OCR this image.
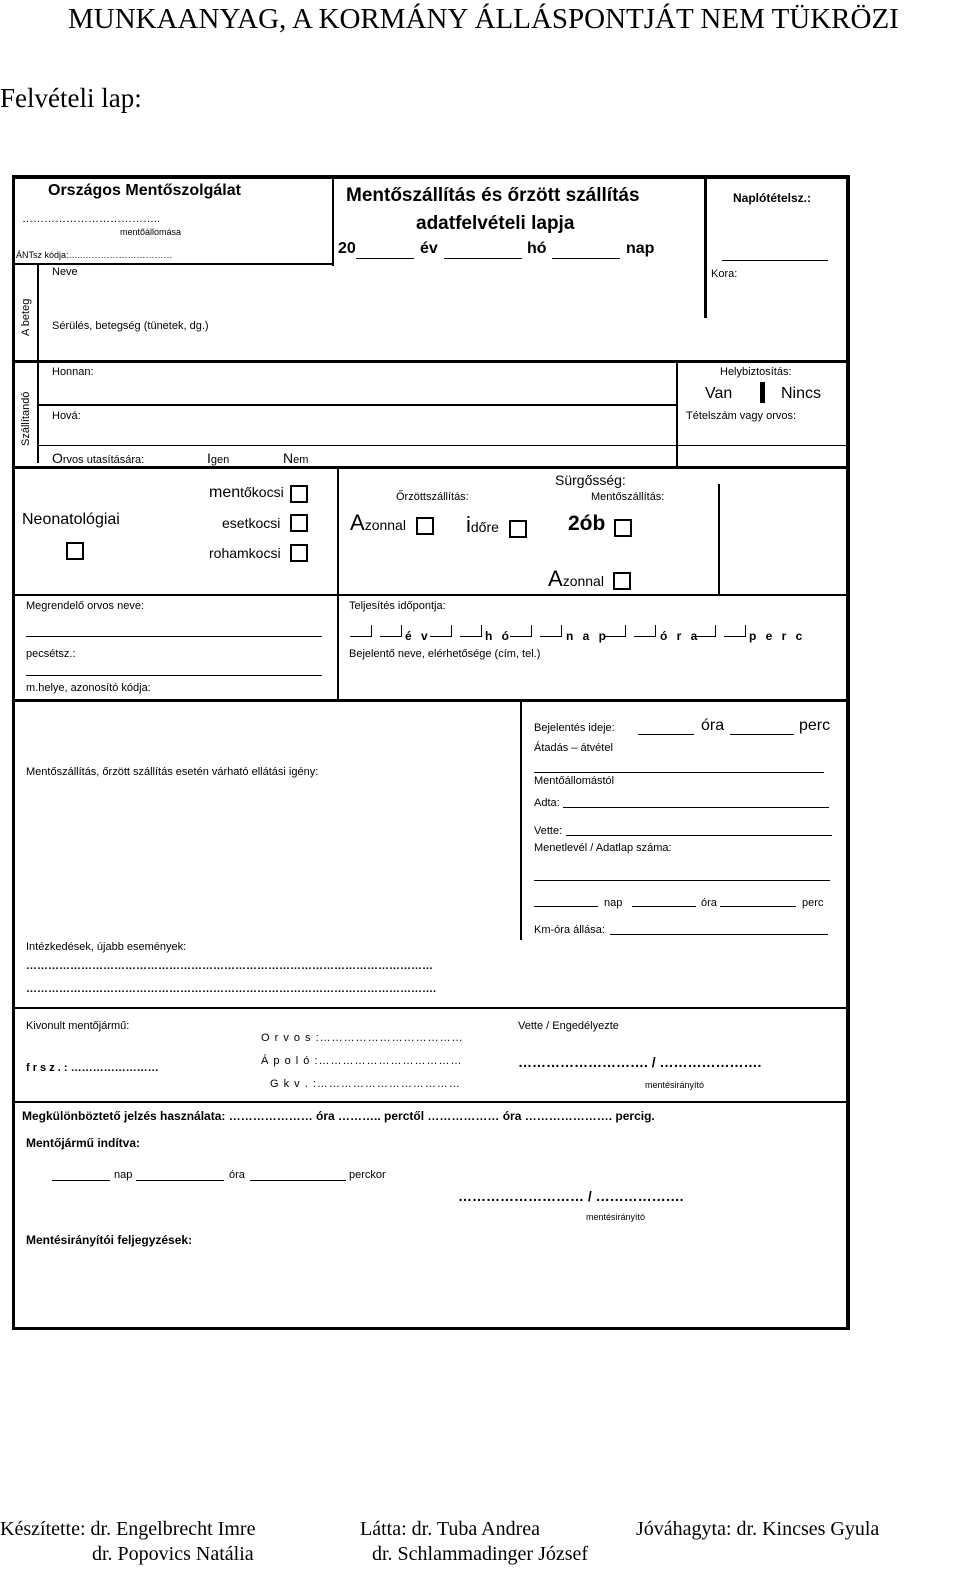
MUNKAANYAG, A KORMÁNY ÁLLÁSPONTJÁT NEM TÜKRÖZI
Felvételi lap:
Országos Mentőszolgálat
………………………………..
mentőállomása
ÁNTsz kódja:…..…………………………
Mentőszállítás és őrzött szállítás
adatfelvételi lapja
20	év	hó	nap
Naplótételsz.:
Kora:
Neve
A beteg Sérülés, betegség (tünetek, dg.)
Szállítandó
Honnan:
Hová:
Helybiztosítás:
Van	Nincs
Tételszám vagy orvos:
Orvos utasítására:	Igen	Nem
Neonatológiai
mentőkocsi
esetkocsi
rohamkocsi
Sürgősség:
Őrzöttszállítás:	Mentőszállítás:
Azonnal	időre	2ób
Azonnal
Megrendelő orvos neve:
pecsétsz.:
m.helye, azonosító kódja:
Teljesítés időpontja:
é v	h ó	n a p	ó r a	p e r c
Bejelentő neve, elérhetősége (cím, tel.)
Bejelentés ideje:	óra	perc
Átadás – átvétel
Mentőszállítás, őrzött szállítás esetén várható ellátási igény:
Mentőállomástól
Adta:
Vette:
Menetlevél / Adatlap száma:
nap	óra	perc
Km-óra állása:
Intézkedések, újabb események:
…………………………………………………………………………………………………
………………………………………………………………………………………………….
Kivonult mentőjármű:
f r s z . : ……………………
O r v o s :………………………………
Á p o l ó :………………………………
G k v . :………………………………
Vette / Engedélyezte
………………………. / ………………….
mentésirányító
Megkülönböztető jelzés használata: ………………… óra ……….. perctől ……………… óra …………………. percig.
Mentőjármű indítva:
nap	óra	perckor
……………………… / ……………….
mentésirányító
Mentésirányítói feljegyzések:
Készítette: dr. Engelbrecht Imre
dr. Popovics Natália
Látta: dr. Tuba Andrea
dr. Schlammadinger József
Jóváhagyta: dr. Kincses Gyula
